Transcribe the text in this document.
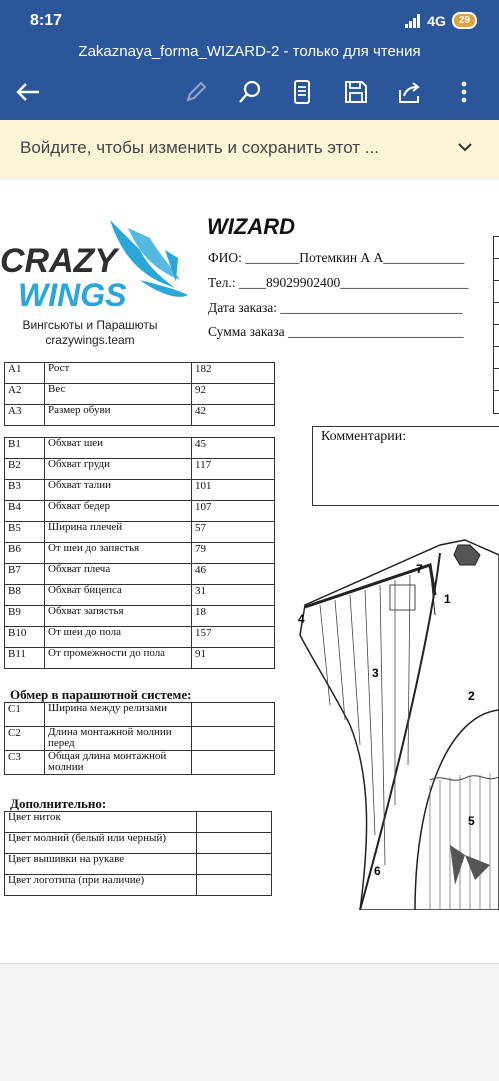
8:17	4G	29
Zakaznaya_forma_WIZARD-2 - только для чтения
Войдите, чтобы изменить и сохранить этот ...
CRAZY
WINGS
Вингсьюты и Парашюты
crazywings.team
WIZARD
ФИО: ________Потемкин А А____________
Тел.: ____89029902400___________________
Дата заказа: ___________________________
Сумма заказа __________________________
A1	Рост	182
A2	Вес	92
A3	Размер обуви	42
B1	Обхват шеи	45
B2	Обхват груди	117
B3	Обхват талии	101
B4	Обхват бедер	107
B5	Ширина плечей	57
B6	От шеи до запястья	79
B7	Обхват плеча	46
B8	Обхват бицепса	31
B9	Обхват запястья	18
B10	От шеи до пола	157
B11	От промежности до пола	91
Обмер в парашютной системе:
C1	Ширина между релизами	
C2	Длина монтажной молнии перед	
C3	Общая длина монтажной молнии	
Дополнительно:
Цвет ниток	
Цвет молний (белый или черный)	
Цвет вышивки на рукаве	
Цвет логотипа (при наличие)	
Комментарии:
1
2
3
4
5
6
7
